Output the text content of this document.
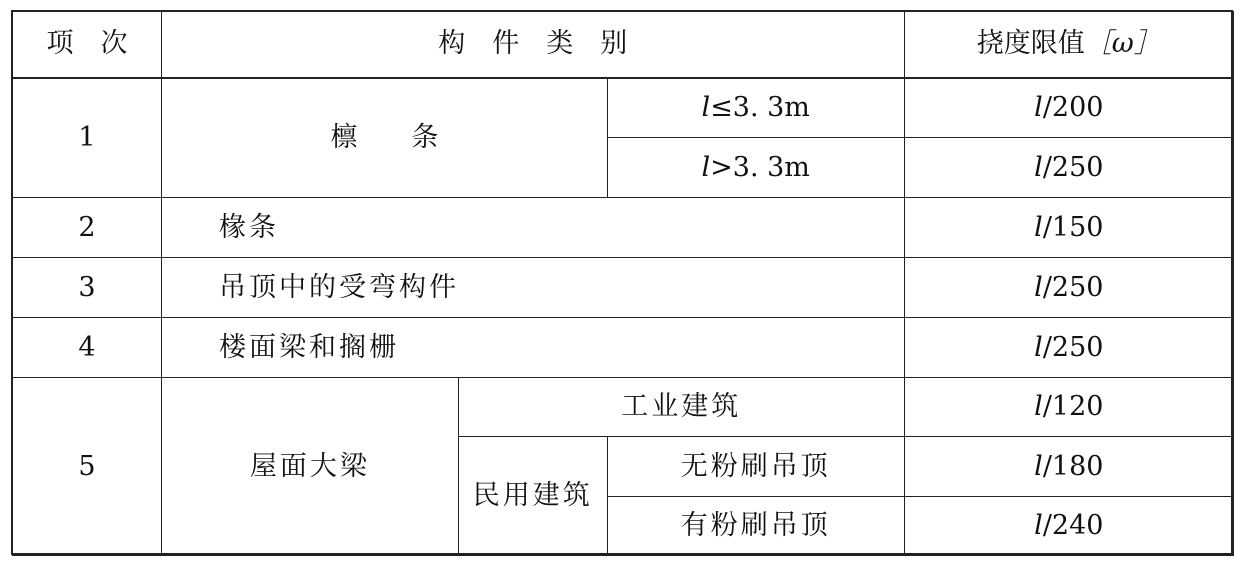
项　次	构　件　类　别			挠度限值［ω］
1	檩　　条		l≤3. 3m	l/200
			l>3. 3m	l/250
2	椽条			l/150
3	吊顶中的受弯构件			l/250
4	楼面梁和搁栅			l/250
5	屋面大梁	工业建筑		l/120
		民用建筑	无粉刷吊顶	l/180
			有粉刷吊顶	l/240
